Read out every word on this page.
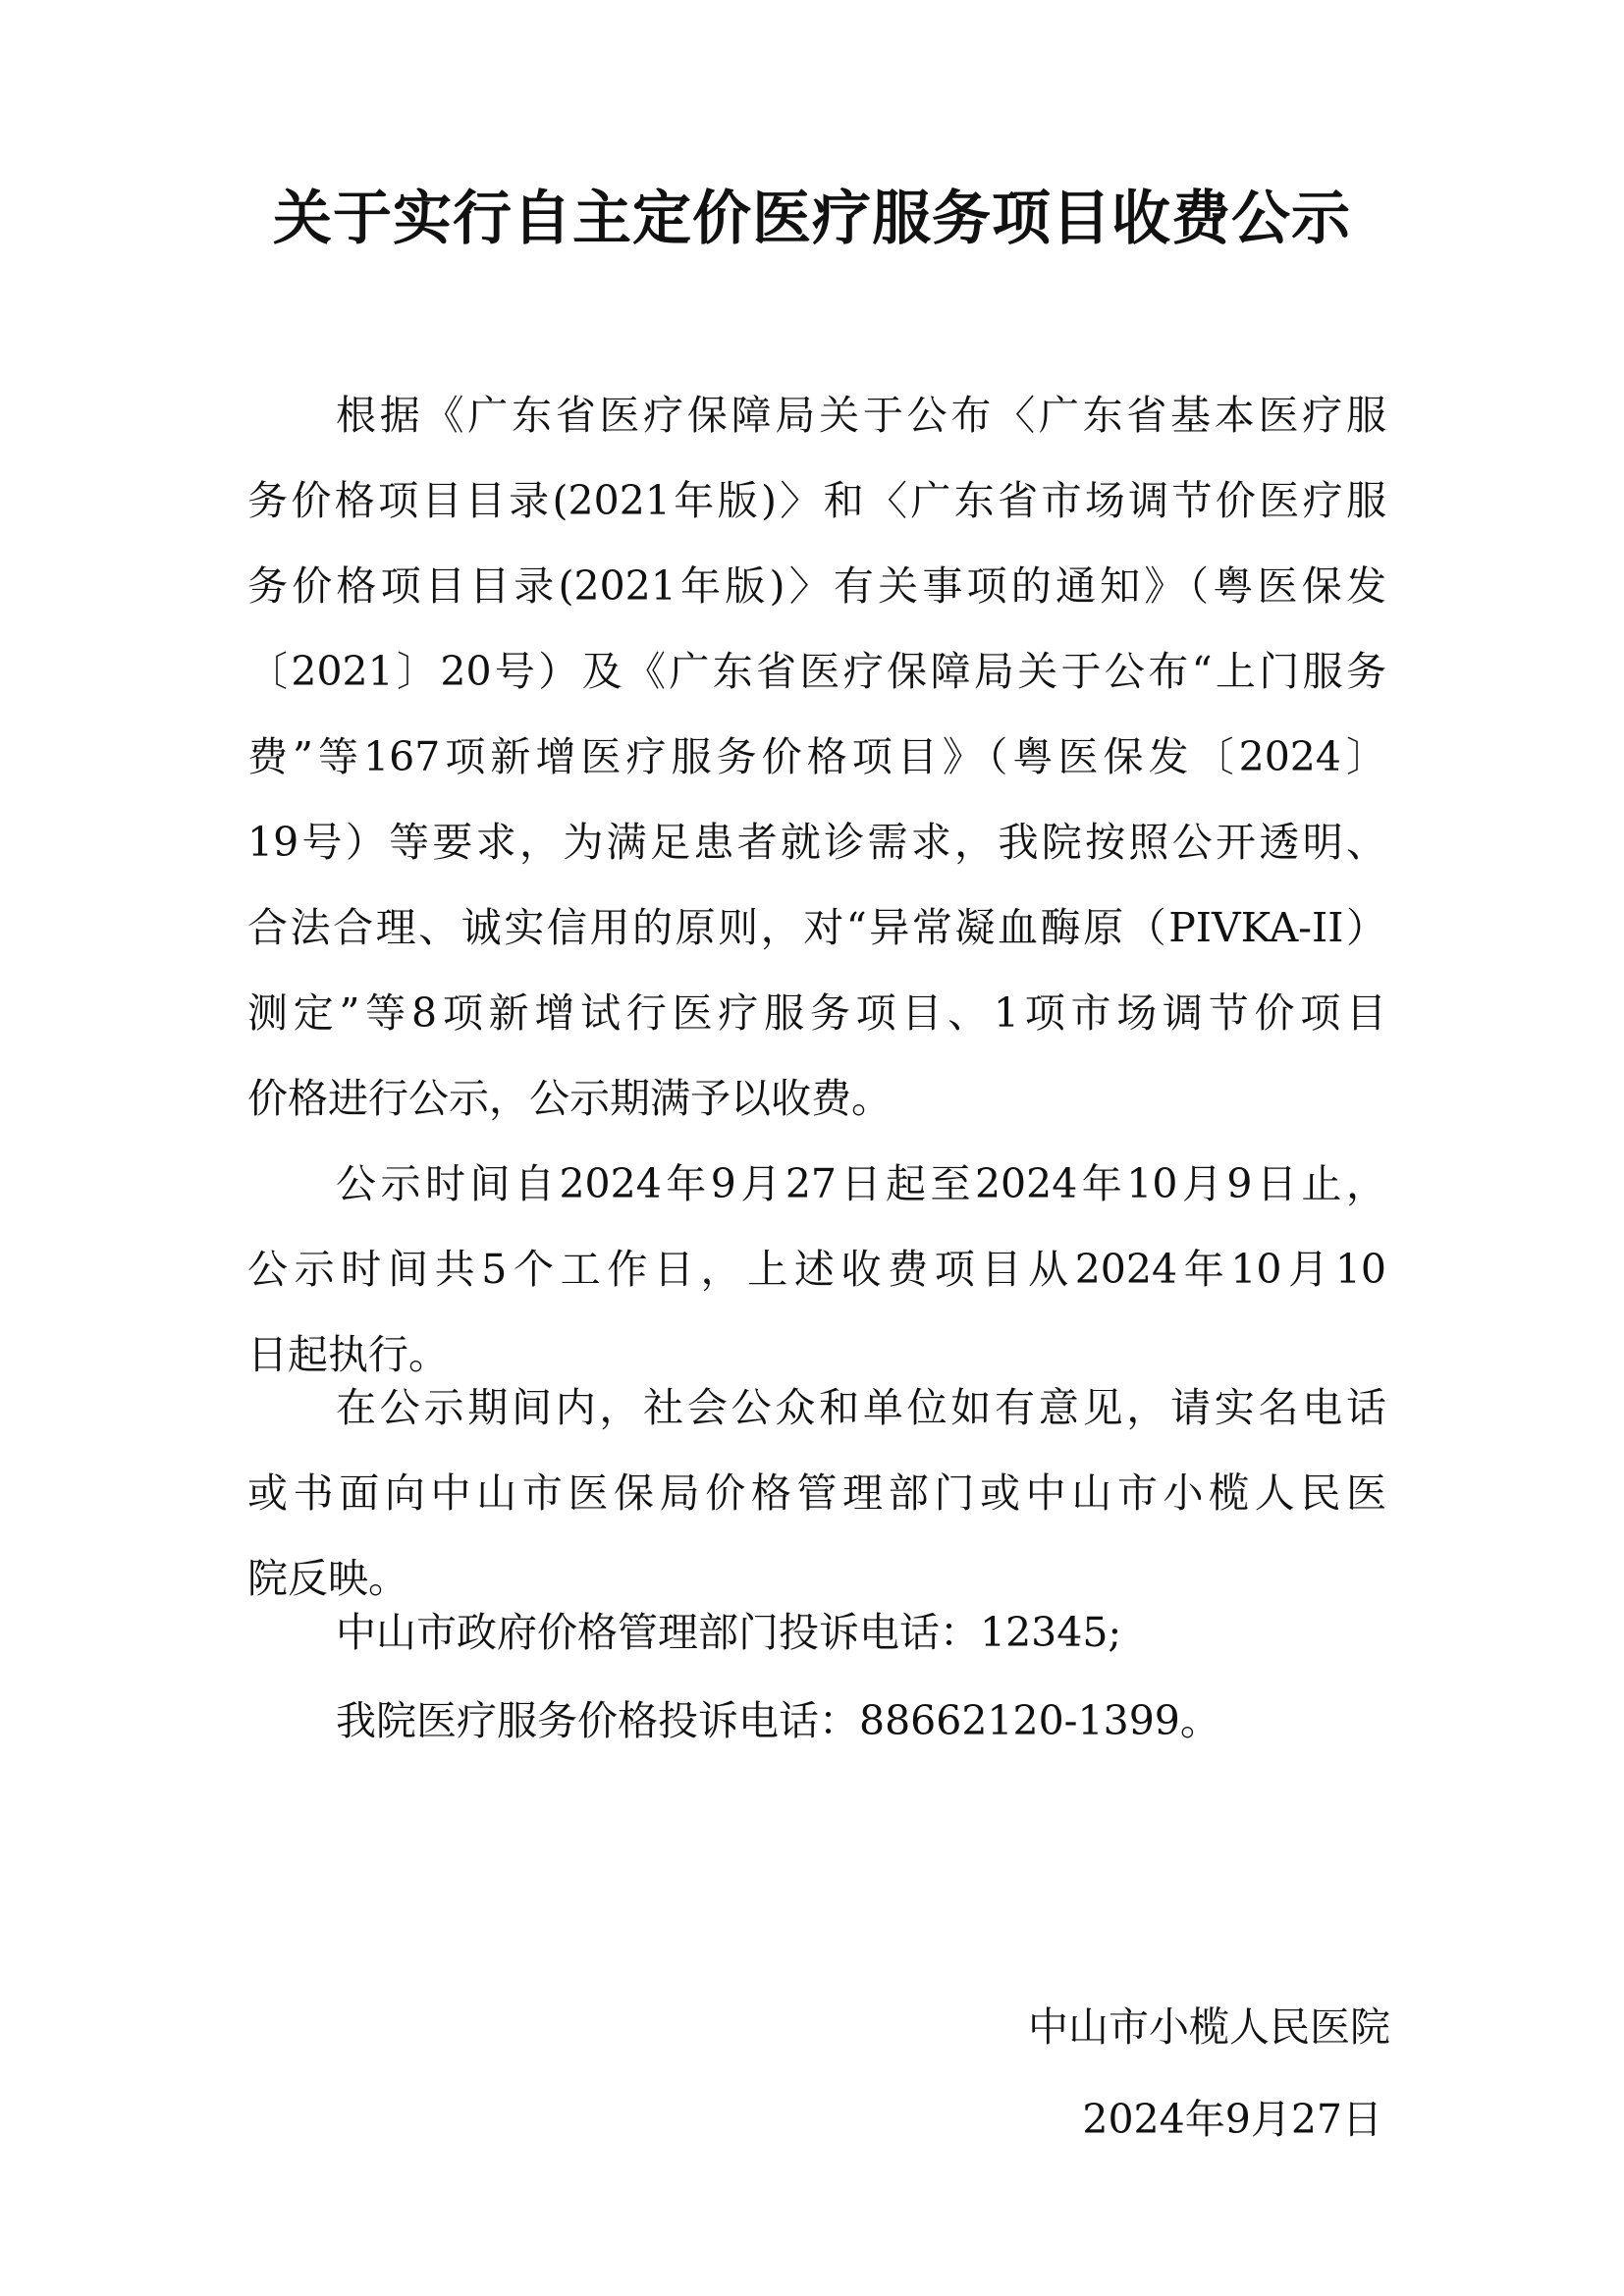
关于实行自主定价医疗服务项目收费公示
根据《广东省医疗保障局关于公布〈广东省基本医疗服
务价格项目目录(2021年版)〉和〈广东省市场调节价医疗服
务价格项目目录(2021年版)〉有关事项的通知》（粤医保发
〔2021〕20号）及《广东省医疗保障局关于公布“上门服务
费”等167项新增医疗服务价格项目》（粤医保发〔2024〕
19号）等要求，为满足患者就诊需求，我院按照公开透明、
合法合理、诚实信用的原则，对“异常凝血酶原（PIVKA-II）
测定”等8项新增试行医疗服务项目、1项市场调节价项目
价格进行公示，公示期满予以收费。
公示时间自2024年9月27日起至2024年10月9日止，
公示时间共5个工作日，上述收费项目从2024年10月10
日起执行。
在公示期间内，社会公众和单位如有意见，请实名电话
或书面向中山市医保局价格管理部门或中山市小榄人民医
院反映。
中山市政府价格管理部门投诉电话：12345;
我院医疗服务价格投诉电话：88662120-1399。
中山市小榄人民医院
2024年9月27日
